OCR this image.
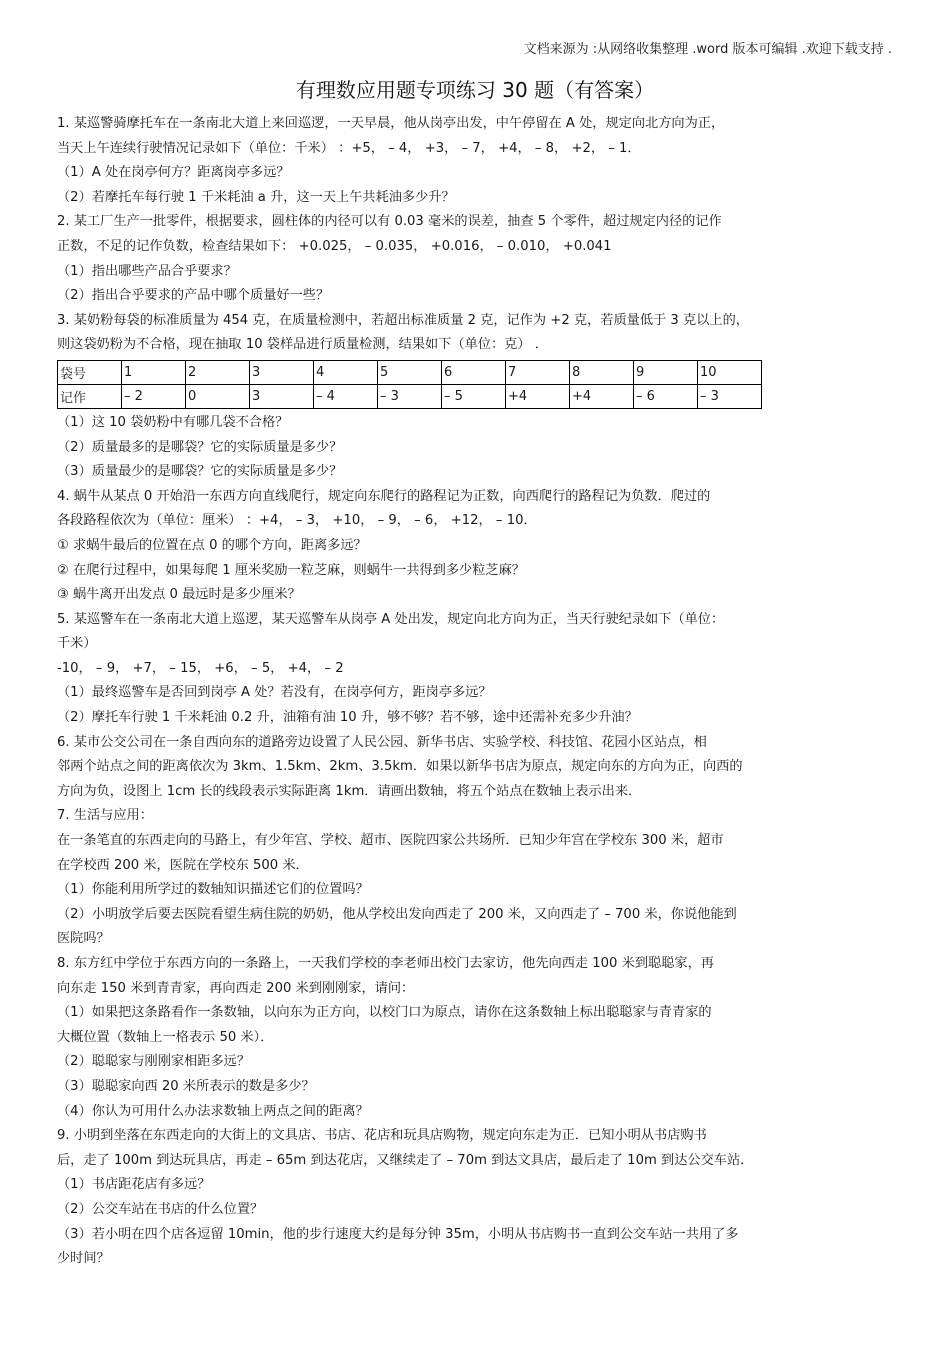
文档来源为 :从网络收集整理 .word 版本可编辑 .欢迎下载支持 .
有理数应用题专项练习 30 题（有答案）
1. 某巡警骑摩托车在一条南北大道上来回巡逻，一天早晨，他从岗亭出发，中午停留在 A 处，规定向北方向为正，
当天上午连续行驶情况记录如下（单位：千米） ：+5， – 4， +3， – 7， +4， – 8， +2， – 1．
（1）A 处在岗亭何方？距离岗亭多远？
（2）若摩托车每行驶 1 千米耗油 a 升，这一天上午共耗油多少升？
2. 某工厂生产一批零件，根据要求，圆柱体的内径可以有 0.03 毫米的误差，抽查 5 个零件，超过规定内径的记作
正数，不足的记作负数，检查结果如下： +0.025， – 0.035， +0.016， – 0.010， +0.041
（1）指出哪些产品合乎要求？
（2）指出合乎要求的产品中哪个质量好一些？
3. 某奶粉每袋的标准质量为 454 克，在质量检测中，若超出标准质量 2 克，记作为 +2 克，若质量低于 3 克以上的，
则这袋奶粉为不合格，现在抽取 10 袋样品进行质量检测，结果如下（单位：克） ．
袋号	1	2	3	4	5	6	7	8	9	10
记作	– 2	0	3	– 4	– 3	– 5	+4	+4	– 6	– 3
（1）这 10 袋奶粉中有哪几袋不合格？
（2）质量最多的是哪袋？它的实际质量是多少？
（3）质量最少的是哪袋？它的实际质量是多少？
4. 蜗牛从某点 0 开始沿一东西方向直线爬行，规定向东爬行的路程记为正数，向西爬行的路程记为负数．爬过的
各段路程依次为（单位：厘米） ：+4， – 3， +10， – 9， – 6， +12， – 10．
① 求蜗牛最后的位置在点 0 的哪个方向，距离多远？
② 在爬行过程中，如果每爬 1 厘米奖励一粒芝麻，则蜗牛一共得到多少粒芝麻？
③ 蜗牛离开出发点 0 最远时是多少厘米？
5. 某巡警车在一条南北大道上巡逻，某天巡警车从岗亭 A 处出发，规定向北方向为正，当天行驶纪录如下（单位：
千米）
-10， – 9， +7， – 15， +6， – 5， +4， – 2
（1）最终巡警车是否回到岗亭 A 处？若没有，在岗亭何方，距岗亭多远？
（2）摩托车行驶 1 千米耗油 0.2 升，油箱有油 10 升，够不够？若不够，途中还需补充多少升油？
6. 某市公交公司在一条自西向东的道路旁边设置了人民公园、新华书店、实验学校、科技馆、花园小区站点，相
邻两个站点之间的距离依次为 3km、1.5km、2km、3.5km．如果以新华书店为原点，规定向东的方向为正，向西的
方向为负，设图上 1cm 长的线段表示实际距离 1km．请画出数轴，将五个站点在数轴上表示出来．
7. 生活与应用：
在一条笔直的东西走向的马路上，有少年宫、学校、超市、医院四家公共场所．已知少年宫在学校东 300 米，超市
在学校西 200 米，医院在学校东 500 米．
（1）你能利用所学过的数轴知识描述它们的位置吗？
（2）小明放学后要去医院看望生病住院的奶奶，他从学校出发向西走了 200 米，又向西走了 – 700 米，你说他能到
医院吗？
8. 东方红中学位于东西方向的一条路上，一天我们学校的李老师出校门去家访，他先向西走 100 米到聪聪家，再
向东走 150 米到青青家，再向西走 200 米到刚刚家，请问：
（1）如果把这条路看作一条数轴，以向东为正方向，以校门口为原点，请你在这条数轴上标出聪聪家与青青家的
大概位置（数轴上一格表示 50 米）．
（2）聪聪家与刚刚家相距多远？
（3）聪聪家向西 20 米所表示的数是多少？
（4）你认为可用什么办法求数轴上两点之间的距离？
9. 小明到坐落在东西走向的大街上的文具店、书店、花店和玩具店购物，规定向东走为正．已知小明从书店购书
后，走了 100m 到达玩具店，再走 – 65m 到达花店，又继续走了 – 70m 到达文具店，最后走了 10m 到达公交车站．
（1）书店距花店有多远？
（2）公交车站在书店的什么位置？
（3）若小明在四个店各逗留 10min，他的步行速度大约是每分钟 35m，小明从书店购书一直到公交车站一共用了多
少时间？
